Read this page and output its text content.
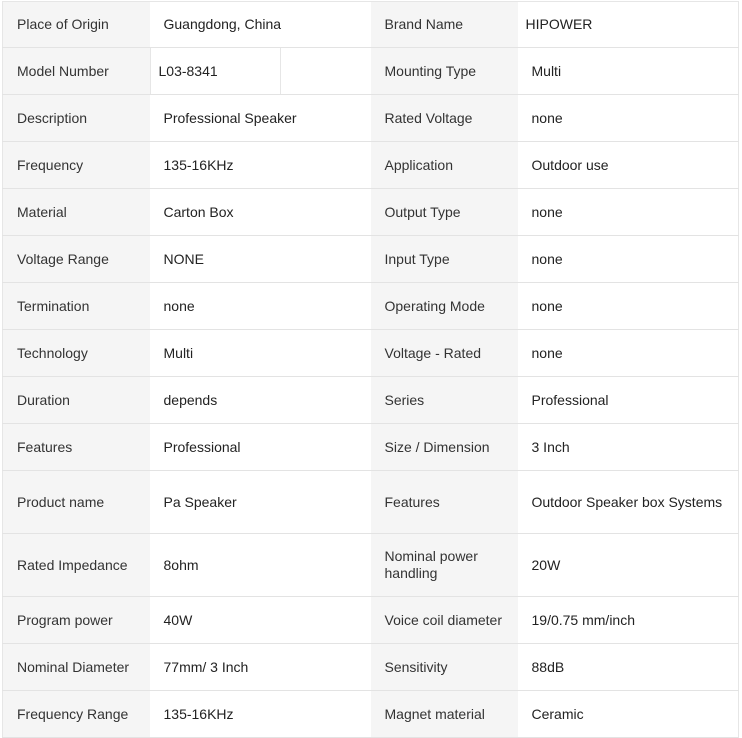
Place of Origin	Guangdong, China	Brand Name	HIPOWER
Model Number	L03-8341	Mounting Type	Multi
Description	Professional Speaker	Rated Voltage	none
Frequency	135-16KHz	Application	Outdoor use
Material	Carton Box	Output Type	none
Voltage Range	NONE	Input Type	none
Termination	none	Operating Mode	none
Technology	Multi	Voltage - Rated	none
Duration	depends	Series	Professional
Features	Professional	Size / Dimension	3 Inch
Product name	Pa Speaker	Features	Outdoor Speaker box Systems
Rated Impedance	8ohm	Nominal power handling	20W
Program power	40W	Voice coil diameter	19/0.75 mm/inch
Nominal Diameter	77mm/ 3 Inch	Sensitivity	88dB
Frequency Range	135-16KHz	Magnet material	Ceramic
